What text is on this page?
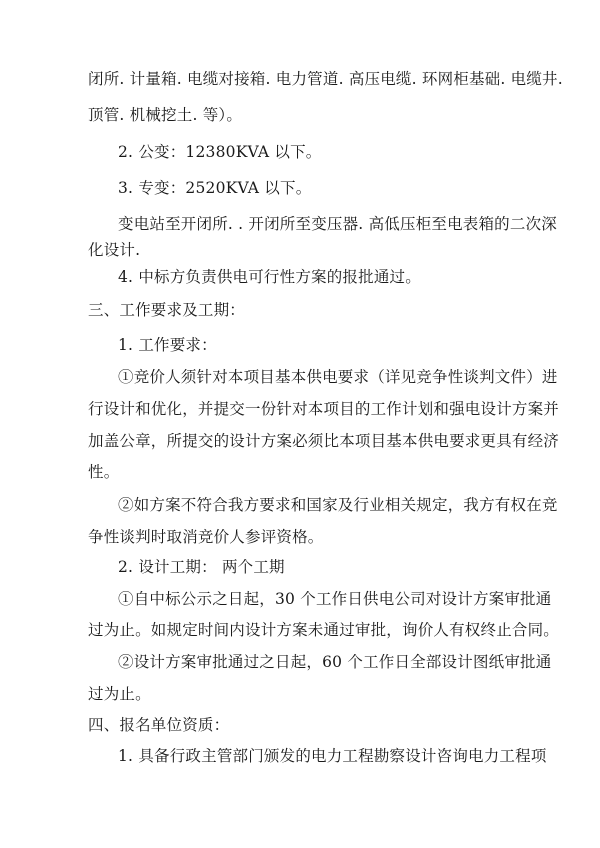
闭所. 计量箱. 电缆对接箱. 电力管道. 高压电缆. 环网柜基础. 电缆井.
顶管. 机械挖土. 等）。
2. 公变：12380KVA 以下。
3. 专变：2520KVA 以下。
变电站至开闭所. . 开闭所至变压器. 高低压柜至电表箱的二次深
化设计.
4. 中标方负责供电可行性方案的报批通过。
三、工作要求及工期：
1. 工作要求：
①竞价人须针对本项目基本供电要求（详见竞争性谈判文件）进
行设计和优化，并提交一份针对本项目的工作计划和强电设计方案并
加盖公章，所提交的设计方案必须比本项目基本供电要求更具有经济
性。
②如方案不符合我方要求和国家及行业相关规定，我方有权在竞
争性谈判时取消竞价人参评资格。
2. 设计工期： 两个工期
①自中标公示之日起，30 个工作日供电公司对设计方案审批通
过为止。如规定时间内设计方案未通过审批，询价人有权终止合同。
②设计方案审批通过之日起，60 个工作日全部设计图纸审批通
过为止。
四、报名单位资质：
1. 具备行政主管部门颁发的电力工程勘察设计咨询电力工程项
